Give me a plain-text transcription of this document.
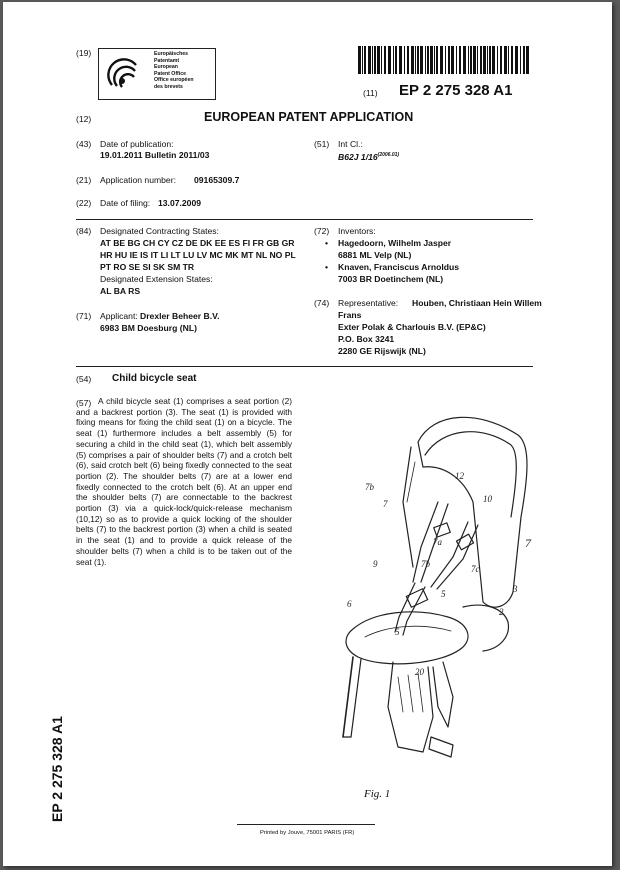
(19)	Europäisches
Patentamt
European
Patent Office
Office européen
des brevets
(11) EP 2 275 328 A1
(12)	EUROPEAN PATENT APPLICATION
(43) Date of publication:
19.01.2011 Bulletin 2011/03
(21) Application number: 09165309.7
(22) Date of filing: 13.07.2009
(51) Int Cl.:
B62J $1/16^{(2006.01)}$
(84) Designated Contracting States:
AT BE BG CH CY CZ DE DK EE ES FI FR GB GR
HR HU IE IS IT LI LT LU LV MC MK MT NL NO PL
PT RO SE SI SK SM TR
Designated Extension States:
AL BA RS
(71) Applicant: Drexler Beheer B.V.
6983 BM Doesburg (NL)
(72) Inventors:
• Hagedoorn, Wilhelm Jasper
6881 ML Velp (NL)
• Knaven, Franciscus Arnoldus
7003 BR Doetinchem (NL)
(74) Representative: Houben, Christiaan Hein Willem
Frans
Exter Polak & Charlouis B.V. (EP&C)
P.O. Box 3241
2280 GE Rijswijk (NL)
(54) Child bicycle seat
(57) A child bicycle seat (1) comprises a seat portion (2) and a backrest portion (3). The seat (1) is provided with fixing means for fixing the child seat (1) on a bicycle. The seat (1) furthermore includes a belt assembly (5) for securing a child in the child seat (1), which belt assembly (5) comprises a pair of shoulder belts (7) and a crotch belt (6), said crotch belt (6) being fixedly connected to the seat portion (2). The shoulder belts (7) are at a lower end fixedly connected to the crotch belt (6). At an upper end the shoulder belts (7) are connectable to the backrest portion (3) via a quick-lock/quick-release mechanism (10,12) so as to provide a quick locking of the shoulder belts (7) to the backrest portion (3) when a child is seated in the seat (1) and to provide a quick release of the shoulder belts (7) when a child is to be taken out of the seat (1).

7b
12
10
7
7
7a
7b	7c
9
5	3
6
2
5
20
Fig. 1
EP 2 275 328 A1
Printed by Jouve, 75001 PARIS (FR)
